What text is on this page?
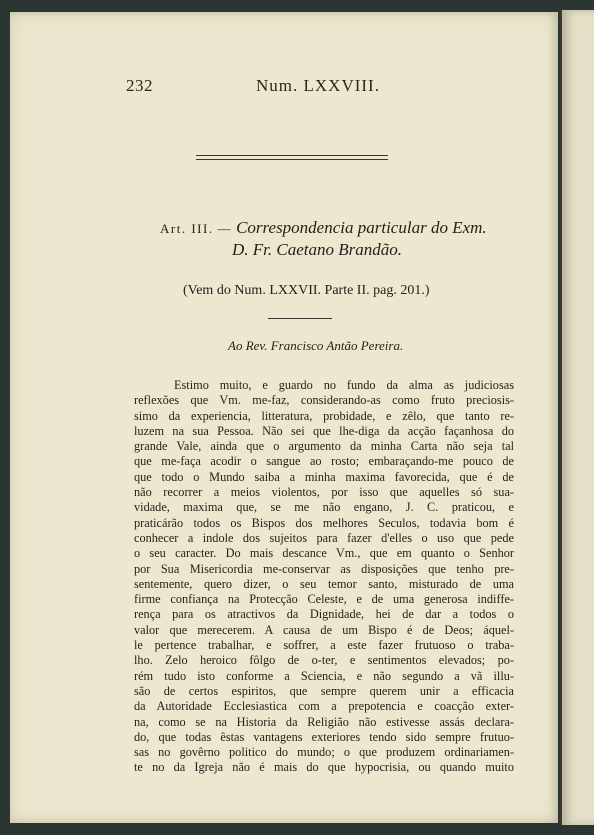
232	Num. LXXVIII.
Art. III. — Correspondencia particular do Exm.
D. Fr. Caetano Brandão.
(Vem do Num. LXXVII. Parte II. pag. 201.)
Ao Rev. Francisco Antão Pereira.
Estimo muito, e guardo no fundo da alma as judiciosas
reflexões que Vm. me-faz, considerando-as como fruto preciosis-
simo da experiencia, litteratura, probidade, e zêlo, que tanto re-
luzem na sua Pessoa. Não sei que lhe-diga da acção façanhosa do
grande Vale, ainda que o argumento da minha Carta não seja tal
que me-faça acodir o sangue ao rosto; embaraçando-me pouco de
que todo o Mundo saiba a minha maxima favorecida, que é de
não recorrer a meios violentos, por isso que aquelles só sua-
vidade, maxima que, se me não engano, J. C. praticou, e
praticárão todos os Bispos dos melhores Seculos, todavia bom é
conhecer a indole dos sujeitos para fazer d'elles o uso que pede
o seu caracter. Do mais descance Vm., que em quanto o Senhor
por Sua Misericordia me-conservar as disposições que tenho pre-
sentemente, quero dizer, o seu temor santo, misturado de uma
firme confiança na Protecção Celeste, e de uma generosa indiffe-
rença para os atractivos da Dignidade, hei de dar a todos o
valor que merecerem. A causa de um Bispo é de Deos; áquel-
le pertence trabalhar, e soffrer, a este fazer frutuoso o traba-
lho. Zelo heroico fôlgo de o-ter, e sentimentos elevados; po-
rém tudo isto conforme a Sciencia, e não segundo a vã illu-
são de certos espiritos, que sempre querem unir a efficacia
da Autoridade Ecclesiastica com a prepotencia e coacção exter-
na, como se na Historia da Religião não estivesse assás declara-
do, que todas êstas vantagens exteriores tendo sido sempre frutuo-
sas no govêrno politico do mundo; o que produzem ordinariamen-
te no da Igreja não é mais do que hypocrisia, ou quando muito
